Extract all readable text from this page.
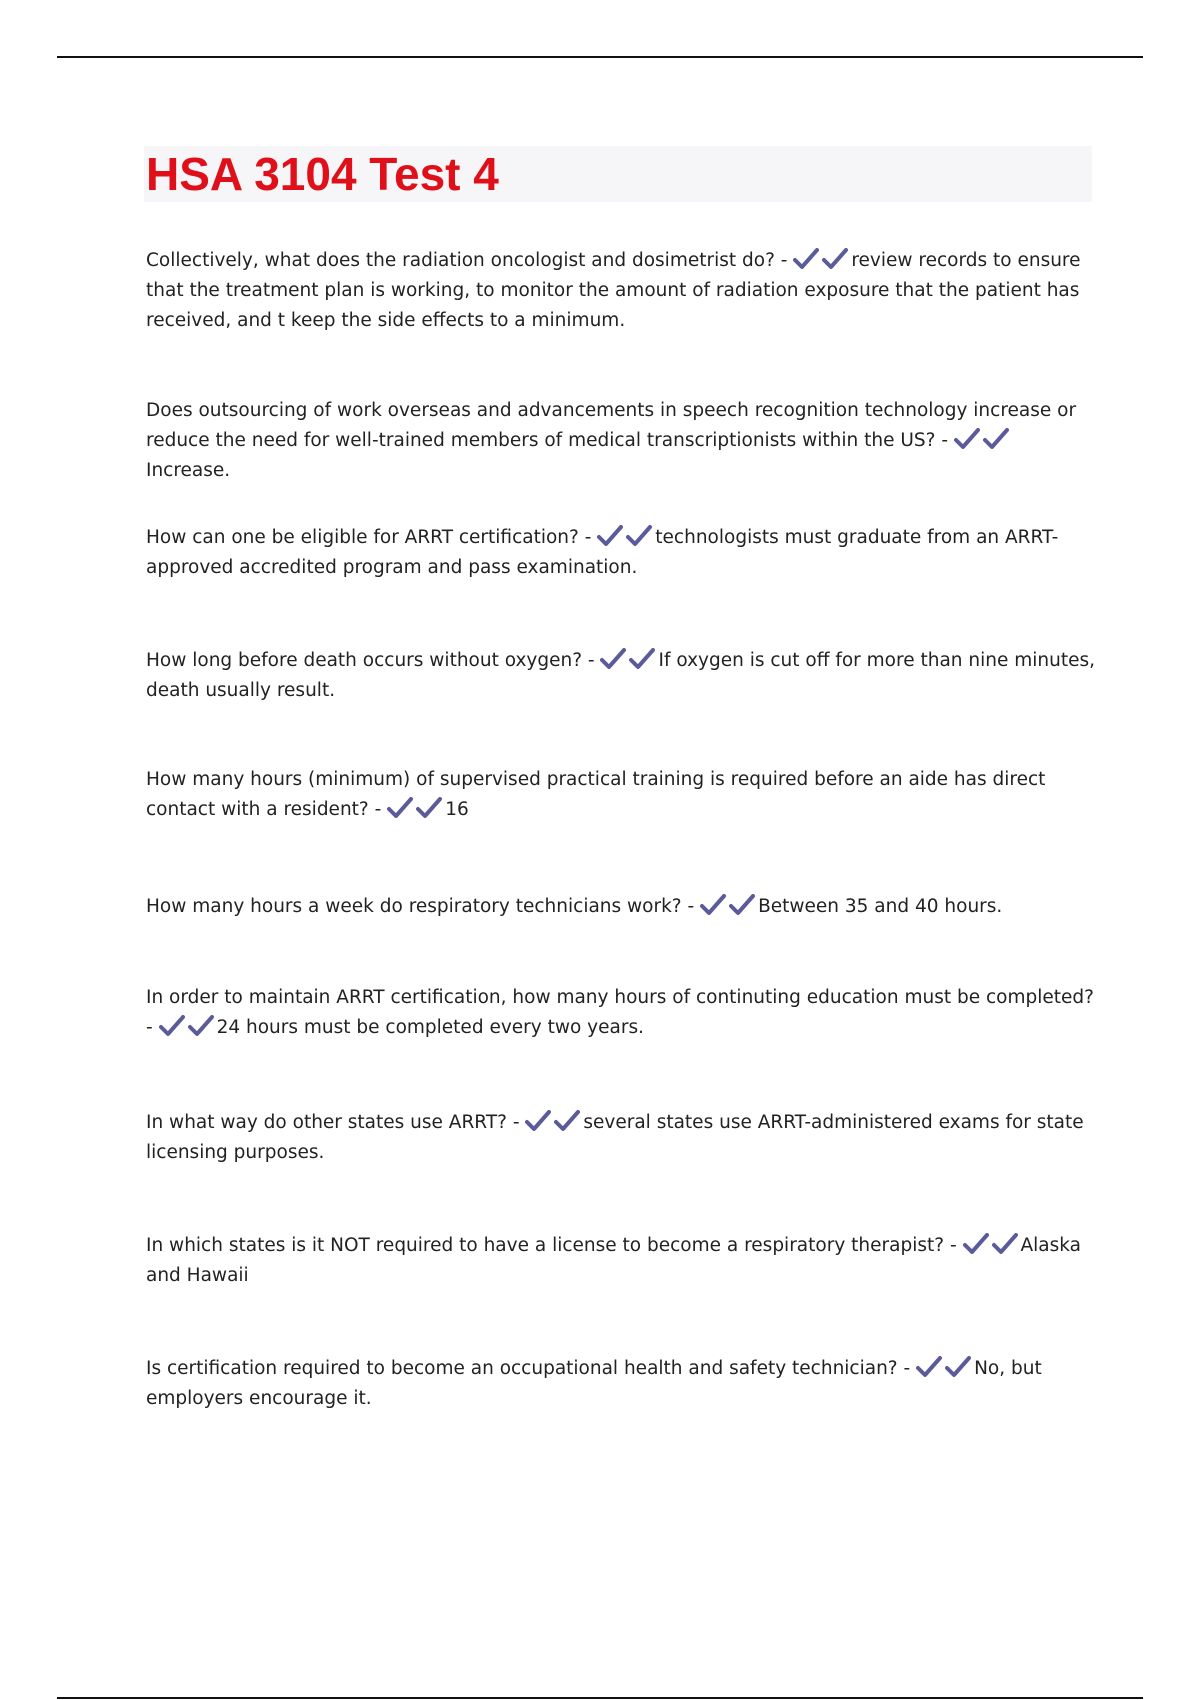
HSA 3104 Test 4

Collectively, what does the radiation oncologist and dosimetrist do? -	review records to ensure that the treatment plan is working, to monitor the amount of radiation exposure that the patient has received, and t keep the side effects to a minimum.

Does outsourcing of work overseas and advancements in speech recognition technology increase or reduce the need for well-trained members of medical transcriptionists within the US? -
Increase.

How can one be eligible for ARRT certification? -	technologists must graduate from an ARRT-approved accredited program and pass examination.

How long before death occurs without oxygen? -	If oxygen is cut off for more than nine minutes, death usually result.

How many hours (minimum) of supervised practical training is required before an aide has direct contact with a resident? -	16

How many hours a week do respiratory technicians work? -	Between 35 and 40 hours.

In order to maintain ARRT certification, how many hours of continuting education must be completed? -	24 hours must be completed every two years.

In what way do other states use ARRT? -	several states use ARRT-administered exams for state licensing purposes.

In which states is it NOT required to have a license to become a respiratory therapist? -	Alaska and Hawaii

Is certification required to become an occupational health and safety technician? -	No, but employers encourage it.
